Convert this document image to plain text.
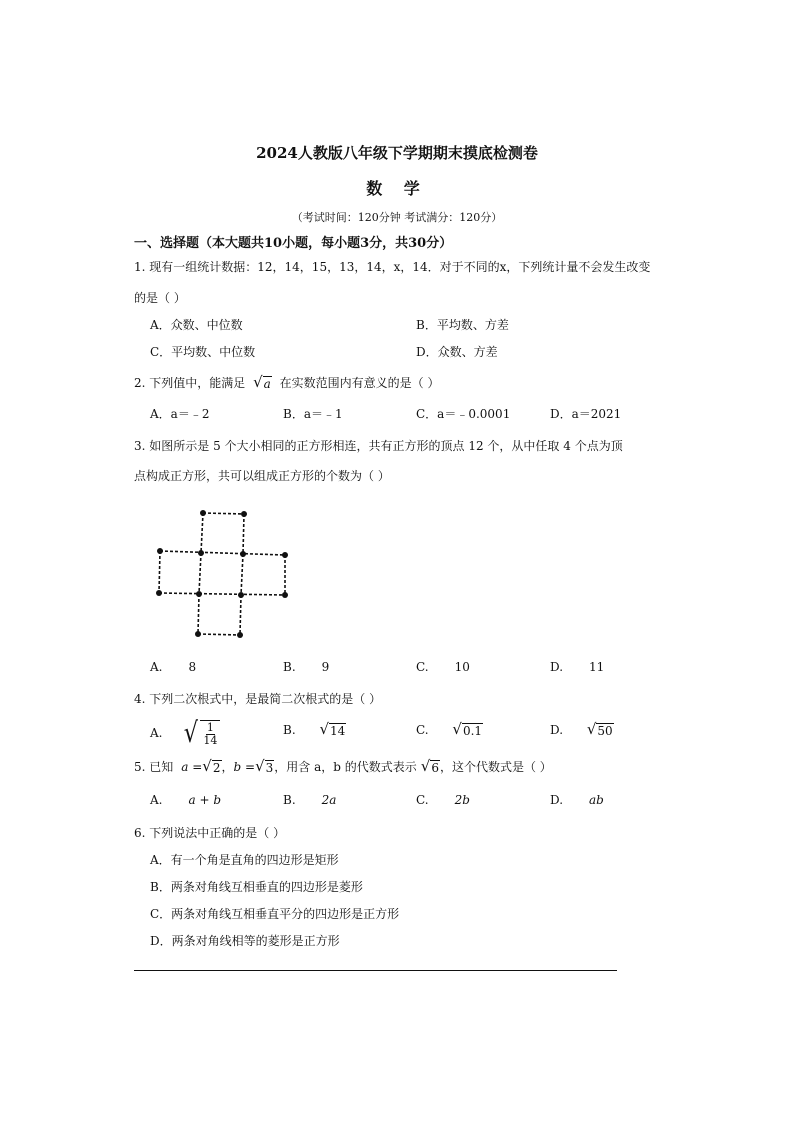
2024人教版八年级下学期期末摸底检测卷
数 学
（考试时间：120分钟 考试满分：120分）
一、选择题（本大题共10小题，每小题3分，共30分）
1. 现有一组统计数据：12，14，15，13，14，x，14．对于不同的x，下列统计量不会发生改变
的是（ ）
A．众数、中位数	B．平均数、方差
C．平均数、中位数	D．众数、方差
2. 下列值中，能满足 √ a 在实数范围内有意义的是（ ）
A．a＝﹣2	B．a＝﹣1	C．a＝﹣0.0001	D．a＝2021
3. 如图所示是 5 个大小相同的正方形相连，共有正方形的顶点 12 个，从中任取 4 个点为顶
点构成正方形，共可以组成正方形的个数为（ ）
A. 8	B. 9	C. 10	D. 11
4. 下列二次根式中，是最简二次根式的是（ ）
A. √ $\frac{1}{14}$	B. √ 14	C. √ 0.1	D. √ 50
5. 已知 a = √ 2 ， b = √ 3 ，用含 a，b 的代数式表示 √ 6 ，这个代数式是（ ）
A. a + b	B. 2a	C. 2b	D. ab
6. 下列说法中正确的是（ ）
A．有一个角是直角的四边形是矩形
B．两条对角线互相垂直的四边形是菱形
C．两条对角线互相垂直平分的四边形是正方形
D．两条对角线相等的菱形是正方形
